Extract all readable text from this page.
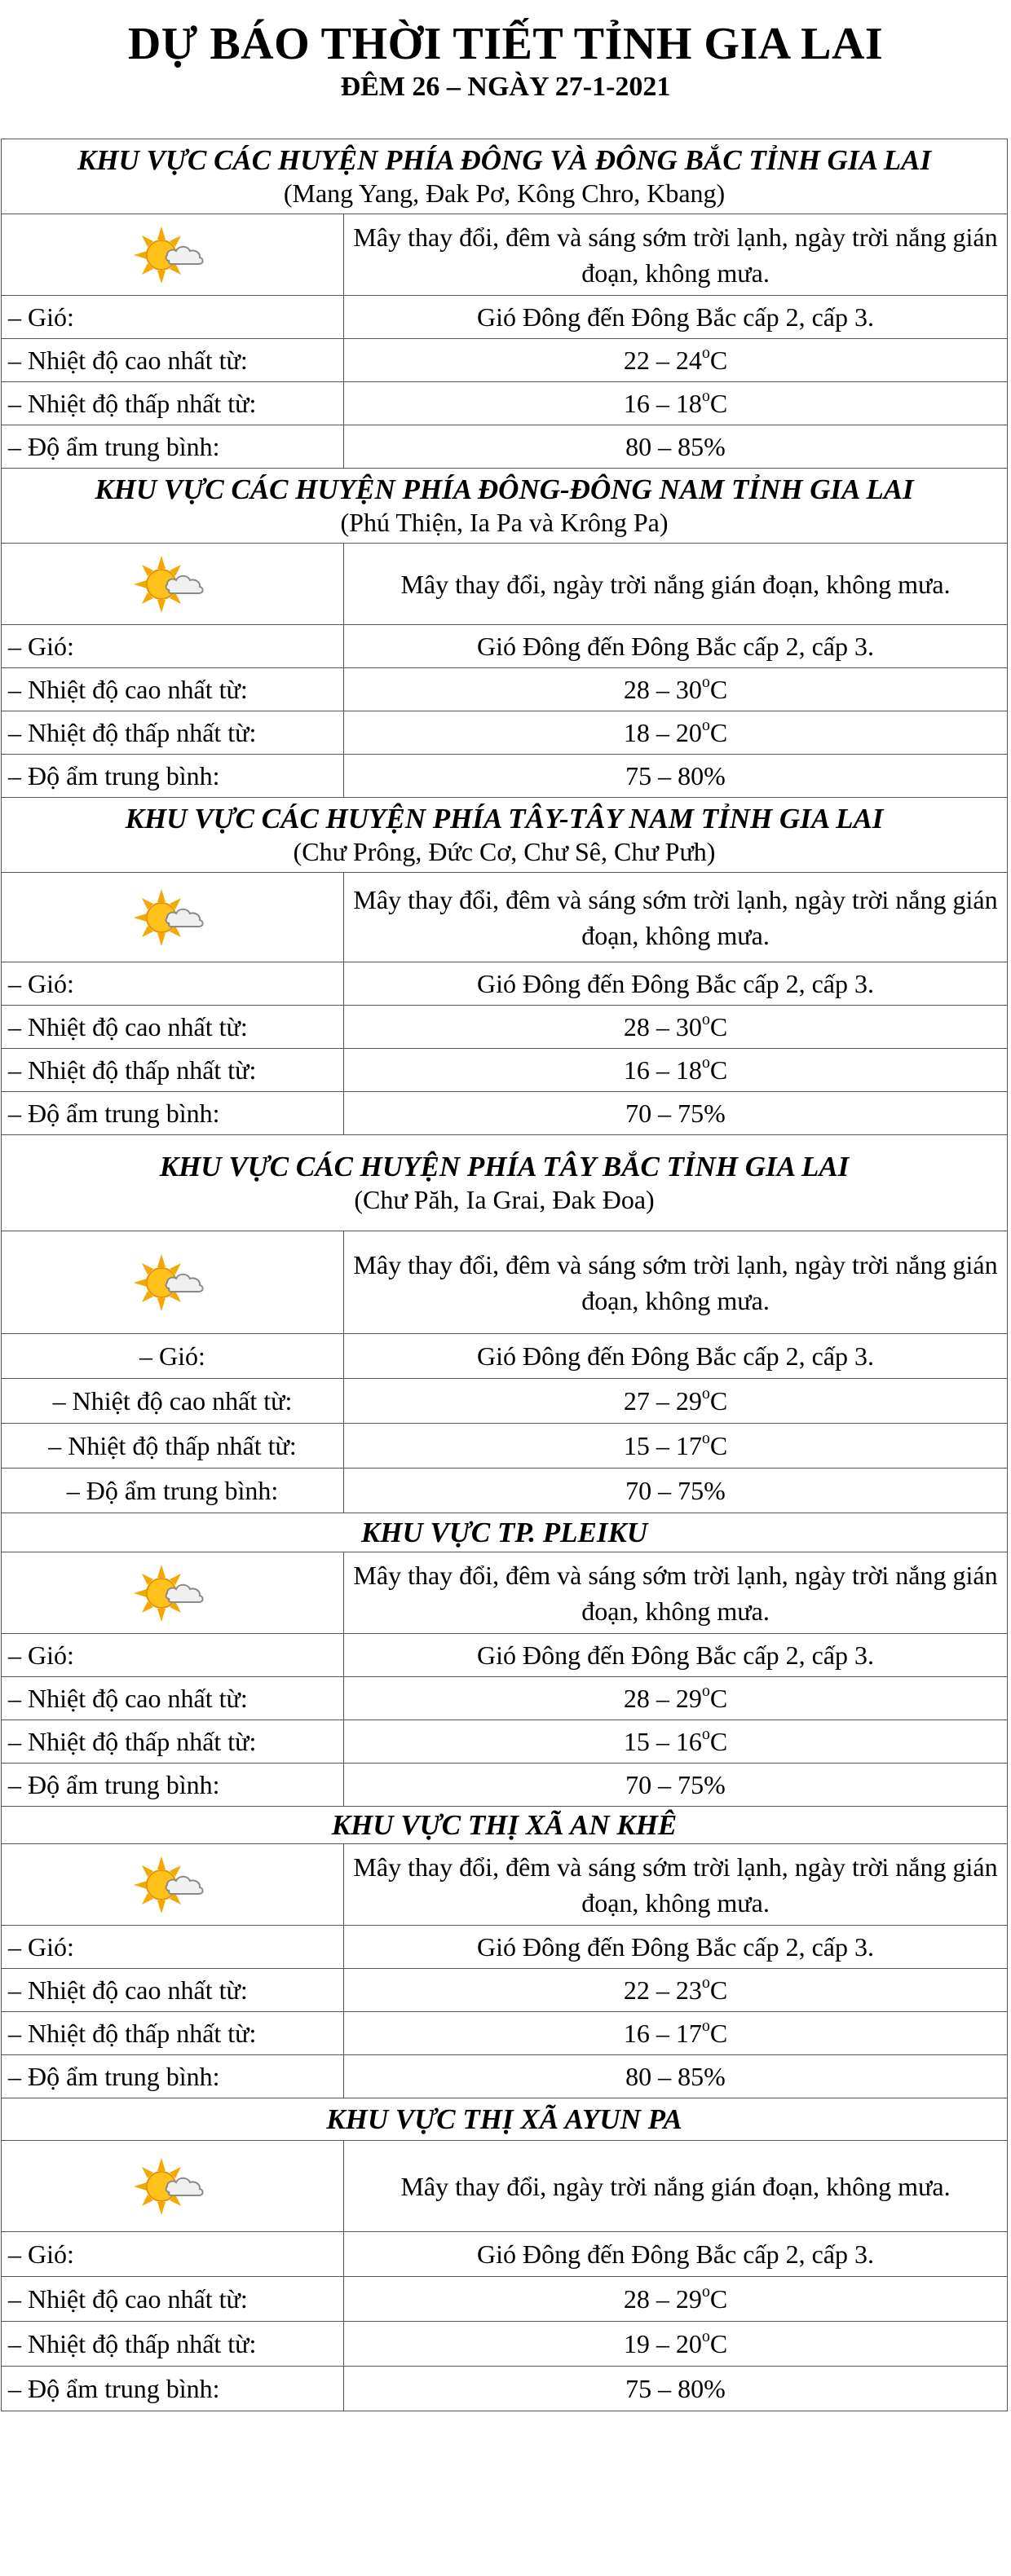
DỰ BÁO THỜI TIẾT TỈNH GIA LAI
ĐÊM 26 – NGÀY 27-1-2021
KHU VỰC CÁC HUYỆN PHÍA ĐÔNG VÀ ĐÔNG BẮC TỈNH GIA LAI
(Mang Yang, Đak Pơ, Kông Chro, Kbang)	

	Mây thay đổi, đêm và sáng sớm trời lạnh, ngày trời nắng gián đoạn, không mưa.
– Gió:	Gió Đông đến Đông Bắc cấp 2, cấp 3.
– Nhiệt độ cao nhất từ:	22 – 24$^o$C
– Nhiệt độ thấp nhất từ:	16 – 18$^o$C
– Độ ẩm trung bình:	80 – 85%

KHU VỰC CÁC HUYỆN PHÍA ĐÔNG-ĐÔNG NAM TỈNH GIA LAI
(Phú Thiện, Ia Pa và Krông Pa)	

	Mây thay đổi, ngày trời nắng gián đoạn, không mưa.
– Gió:	Gió Đông đến Đông Bắc cấp 2, cấp 3.
– Nhiệt độ cao nhất từ:	28 – 30$^o$C
– Nhiệt độ thấp nhất từ:	18 – 20$^o$C
– Độ ẩm trung bình:	75 – 80%

KHU VỰC CÁC HUYỆN PHÍA TÂY-TÂY NAM TỈNH GIA LAI
(Chư Prông, Đức Cơ, Chư Sê, Chư Pưh)	

	Mây thay đổi, đêm và sáng sớm trời lạnh, ngày trời nắng gián đoạn, không mưa.
– Gió:	Gió Đông đến Đông Bắc cấp 2, cấp 3.
– Nhiệt độ cao nhất từ:	28 – 30$^o$C
– Nhiệt độ thấp nhất từ:	16 – 18$^o$C
– Độ ẩm trung bình:	70 – 75%

KHU VỰC CÁC HUYỆN PHÍA TÂY BẮC TỈNH GIA LAI
(Chư Păh, Ia Grai, Đak Đoa)	

	Mây thay đổi, đêm và sáng sớm trời lạnh, ngày trời nắng gián đoạn, không mưa.
– Gió:	Gió Đông đến Đông Bắc cấp 2, cấp 3.
– Nhiệt độ cao nhất từ:	27 – 29$^o$C
– Nhiệt độ thấp nhất từ:	15 – 17$^o$C
– Độ ẩm trung bình:	70 – 75%

KHU VỰC TP. PLEIKU	

	Mây thay đổi, đêm và sáng sớm trời lạnh, ngày trời nắng gián đoạn, không mưa.
– Gió:	Gió Đông đến Đông Bắc cấp 2, cấp 3.
– Nhiệt độ cao nhất từ:	28 – 29$^o$C
– Nhiệt độ thấp nhất từ:	15 – 16$^o$C
– Độ ẩm trung bình:	70 – 75%

KHU VỰC THỊ XÃ AN KHÊ	

	Mây thay đổi, đêm và sáng sớm trời lạnh, ngày trời nắng gián đoạn, không mưa.
– Gió:	Gió Đông đến Đông Bắc cấp 2, cấp 3.
– Nhiệt độ cao nhất từ:	22 – 23$^o$C
– Nhiệt độ thấp nhất từ:	16 – 17$^o$C
– Độ ẩm trung bình:	80 – 85%

KHU VỰC THỊ XÃ AYUN PA	

	Mây thay đổi, ngày trời nắng gián đoạn, không mưa.
– Gió:	Gió Đông đến Đông Bắc cấp 2, cấp 3.
– Nhiệt độ cao nhất từ:	28 – 29$^o$C
– Nhiệt độ thấp nhất từ:	19 – 20$^o$C
– Độ ẩm trung bình:	75 – 80%
